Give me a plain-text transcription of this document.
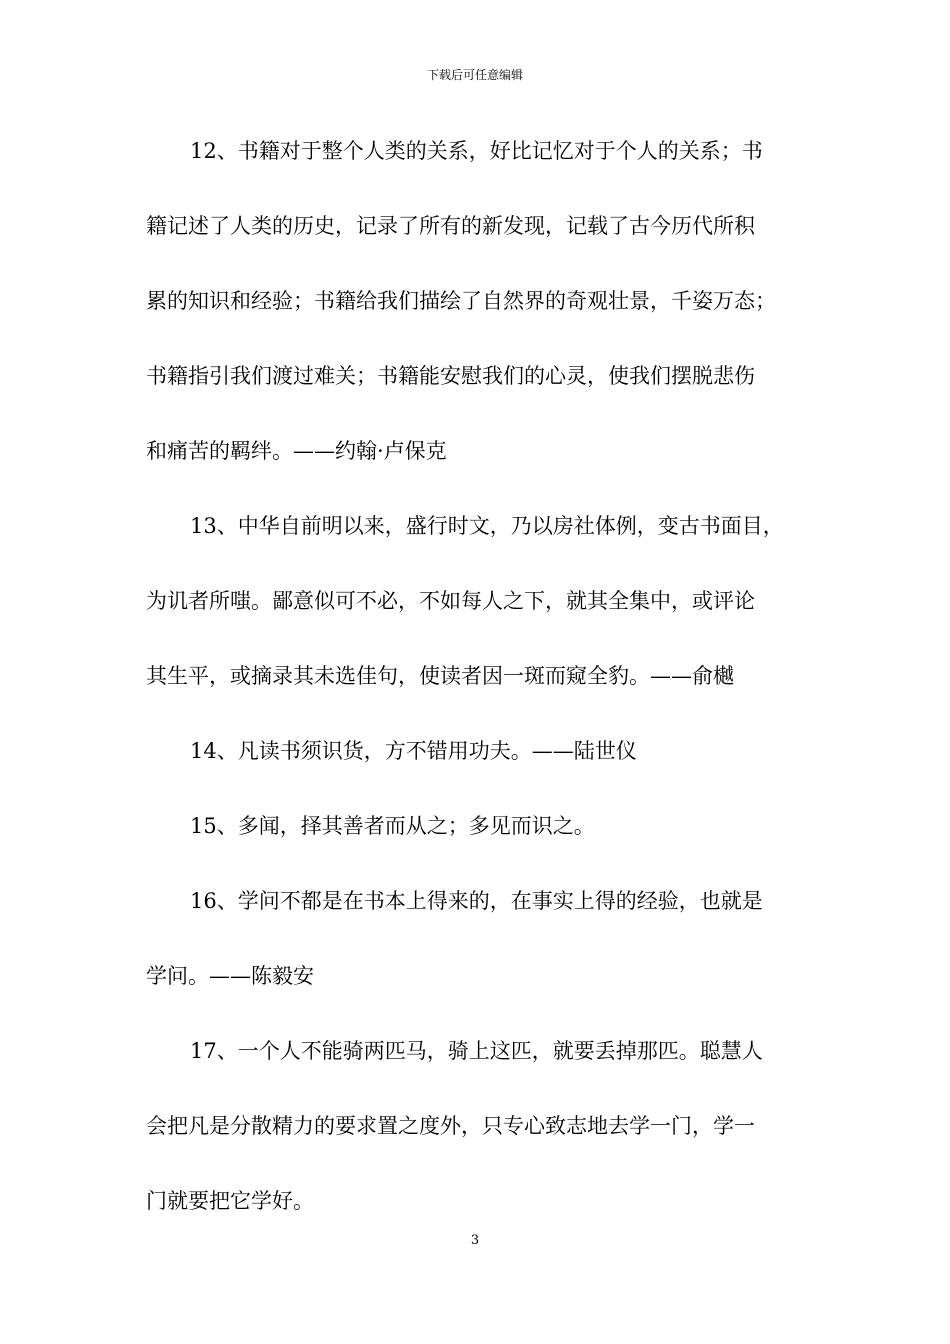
下载后可任意编辑
12、书籍对于整个人类的关系，好比记忆对于个人的关系；书
籍记述了人类的历史，记录了所有的新发现，记载了古今历代所积
累的知识和经验；书籍给我们描绘了自然界的奇观壮景，千姿万态；
书籍指引我们渡过难关；书籍能安慰我们的心灵，使我们摆脱悲伤
和痛苦的羁绊。——约翰·卢保克
13、中华自前明以来，盛行时文，乃以房社体例，变古书面目，
为讥者所嗤。鄙意似可不必，不如每人之下，就其全集中，或评论
其生平，或摘录其未选佳句，使读者因一斑而窥全豹。——俞樾
14、凡读书须识货，方不错用功夫。——陆世仪
15、多闻，择其善者而从之；多见而识之。
16、学问不都是在书本上得来的，在事实上得的经验，也就是
学问。——陈毅安
17、一个人不能骑两匹马，骑上这匹，就要丢掉那匹。聪慧人
会把凡是分散精力的要求置之度外，只专心致志地去学一门，学一
门就要把它学好。
3
